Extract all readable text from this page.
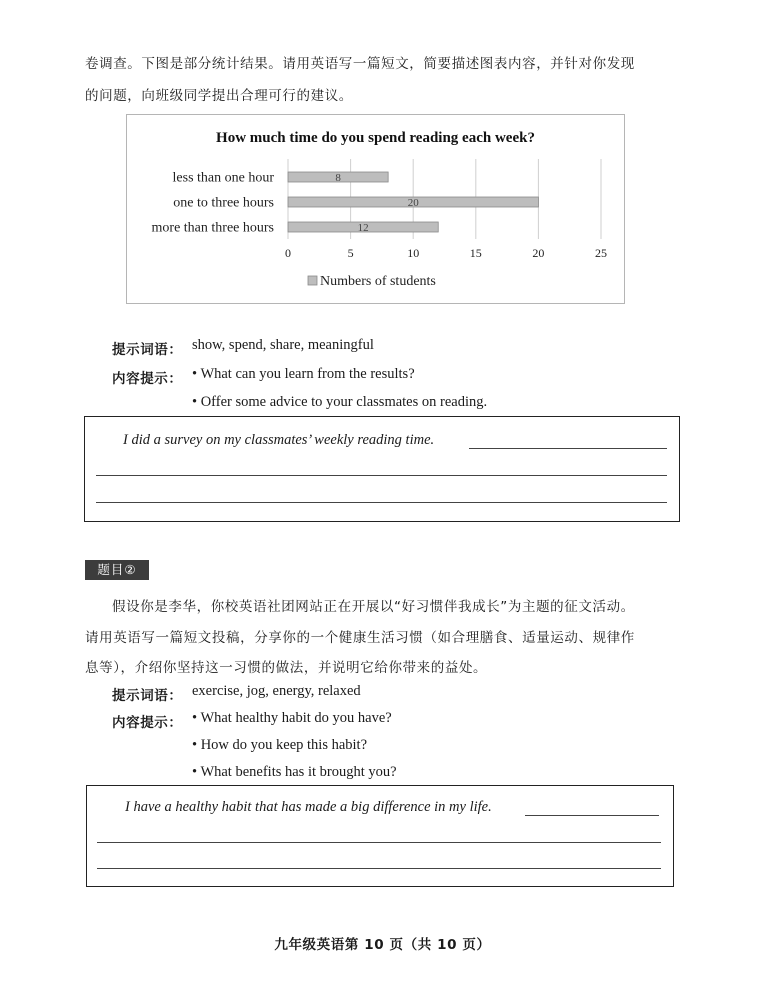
卷调查。下图是部分统计结果。请用英语写一篇短文，简要描述图表内容，并针对你发现
的问题，向班级同学提出合理可行的建议。
How much time do you spend reading each week?
0	5	10	15	20	25
less than one hour	8
one to three hours	20
more than three hours	12
Numbers of students
提示词语： show, spend, share, meaningful
内容提示： • What can you learn from the results?
• Offer some advice to your classmates on reading.
I did a survey on my classmates’ weekly reading time.
题目②
假设你是李华，你校英语社团网站正在开展以“好习惯伴我成长”为主题的征文活动。
请用英语写一篇短文投稿，分享你的一个健康生活习惯（如合理膳食、适量运动、规律作
息等），介绍你坚持这一习惯的做法，并说明它给你带来的益处。
提示词语： exercise, jog, energy, relaxed
内容提示： • What healthy habit do you have?
• How do you keep this habit?
• What benefits has it brought you?
I have a healthy habit that has made a big difference in my life.
九年级英语第 10 页（共 10 页）
